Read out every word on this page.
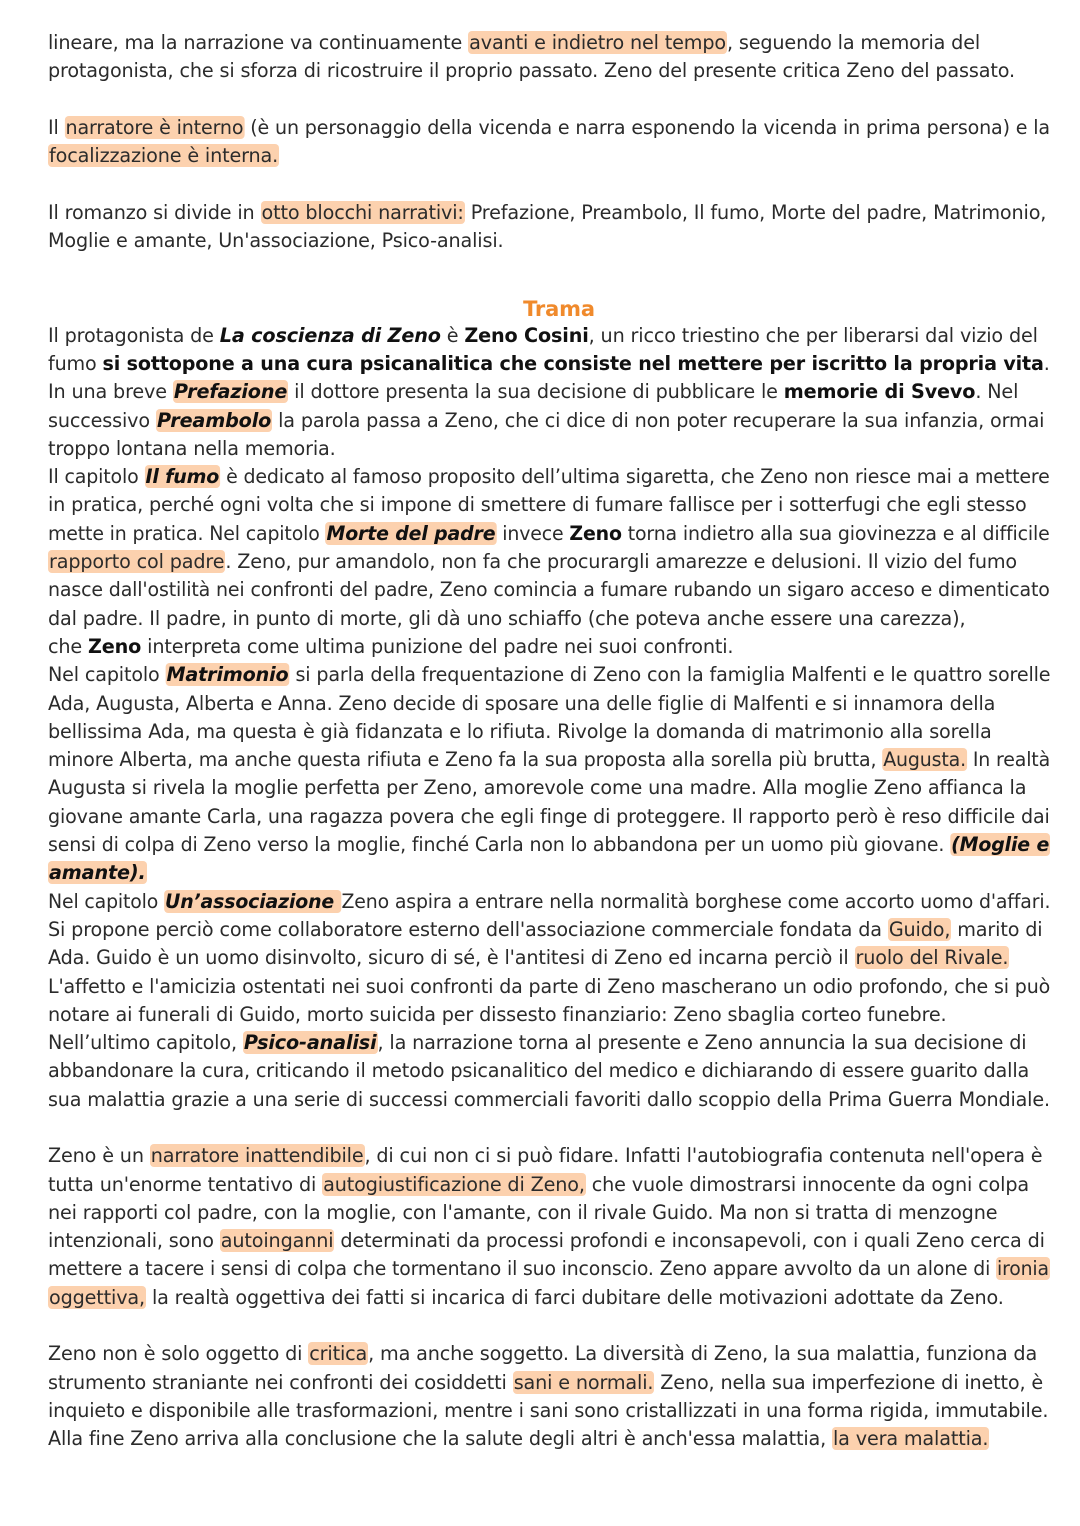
lineare, ma la narrazione va continuamente avanti e indietro nel tempo, seguendo la memoria del
protagonista, che si sforza di ricostruire il proprio passato. Zeno del presente critica Zeno del passato.
Il narratore è interno (è un personaggio della vicenda e narra esponendo la vicenda in prima persona) e la
focalizzazione è interna.
Il romanzo si divide in otto blocchi narrativi: Prefazione, Preambolo, Il fumo, Morte del padre, Matrimonio,
Moglie e amante, Un'associazione, Psico-analisi.
Trama
Il protagonista de La coscienza di Zeno è Zeno Cosini, un ricco triestino che per liberarsi dal vizio del
fumo si sottopone a una cura psicanalitica che consiste nel mettere per iscritto la propria vita.
In una breve Prefazione il dottore presenta la sua decisione di pubblicare le memorie di Svevo. Nel
successivo Preambolo la parola passa a Zeno, che ci dice di non poter recuperare la sua infanzia, ormai
troppo lontana nella memoria.
Il capitolo Il fumo è dedicato al famoso proposito dell’ultima sigaretta, che Zeno non riesce mai a mettere
in pratica, perché ogni volta che si impone di smettere di fumare fallisce per i sotterfugi che egli stesso
mette in pratica. Nel capitolo Morte del padre invece Zeno torna indietro alla sua giovinezza e al difficile
rapporto col padre. Zeno, pur amandolo, non fa che procurargli amarezze e delusioni. Il vizio del fumo
nasce dall'ostilità nei confronti del padre, Zeno comincia a fumare rubando un sigaro acceso e dimenticato
dal padre. Il padre, in punto di morte, gli dà uno schiaffo (che poteva anche essere una carezza),
che Zeno interpreta come ultima punizione del padre nei suoi confronti.
Nel capitolo Matrimonio si parla della frequentazione di Zeno con la famiglia Malfenti e le quattro sorelle
Ada, Augusta, Alberta e Anna. Zeno decide di sposare una delle figlie di Malfenti e si innamora della
bellissima Ada, ma questa è già fidanzata e lo rifiuta. Rivolge la domanda di matrimonio alla sorella
minore Alberta, ma anche questa rifiuta e Zeno fa la sua proposta alla sorella più brutta, Augusta. In realtà
Augusta si rivela la moglie perfetta per Zeno, amorevole come una madre. Alla moglie Zeno affianca la
giovane amante Carla, una ragazza povera che egli finge di proteggere. Il rapporto però è reso difficile dai
sensi di colpa di Zeno verso la moglie, finché Carla non lo abbandona per un uomo più giovane. (Moglie e
amante).
Nel capitolo Un’associazione Zeno aspira a entrare nella normalità borghese come accorto uomo d'affari.
Si propone perciò come collaboratore esterno dell'associazione commerciale fondata da Guido, marito di
Ada. Guido è un uomo disinvolto, sicuro di sé, è l'antitesi di Zeno ed incarna perciò il ruolo del Rivale.
L'affetto e l'amicizia ostentati nei suoi confronti da parte di Zeno mascherano un odio profondo, che si può
notare ai funerali di Guido, morto suicida per dissesto finanziario: Zeno sbaglia corteo funebre.
Nell’ultimo capitolo, Psico-analisi, la narrazione torna al presente e Zeno annuncia la sua decisione di
abbandonare la cura, criticando il metodo psicanalitico del medico e dichiarando di essere guarito dalla
sua malattia grazie a una serie di successi commerciali favoriti dallo scoppio della Prima Guerra Mondiale.
Zeno è un narratore inattendibile, di cui non ci si può fidare. Infatti l'autobiografia contenuta nell'opera è
tutta un'enorme tentativo di autogiustificazione di Zeno, che vuole dimostrarsi innocente da ogni colpa
nei rapporti col padre, con la moglie, con l'amante, con il rivale Guido. Ma non si tratta di menzogne
intenzionali, sono autoinganni determinati da processi profondi e inconsapevoli, con i quali Zeno cerca di
mettere a tacere i sensi di colpa che tormentano il suo inconscio. Zeno appare avvolto da un alone di ironia
oggettiva, la realtà oggettiva dei fatti si incarica di farci dubitare delle motivazioni adottate da Zeno.
Zeno non è solo oggetto di critica, ma anche soggetto. La diversità di Zeno, la sua malattia, funziona da
strumento straniante nei confronti dei cosiddetti sani e normali. Zeno, nella sua imperfezione di inetto, è
inquieto e disponibile alle trasformazioni, mentre i sani sono cristallizzati in una forma rigida, immutabile.
Alla fine Zeno arriva alla conclusione che la salute degli altri è anch'essa malattia, la vera malattia.
